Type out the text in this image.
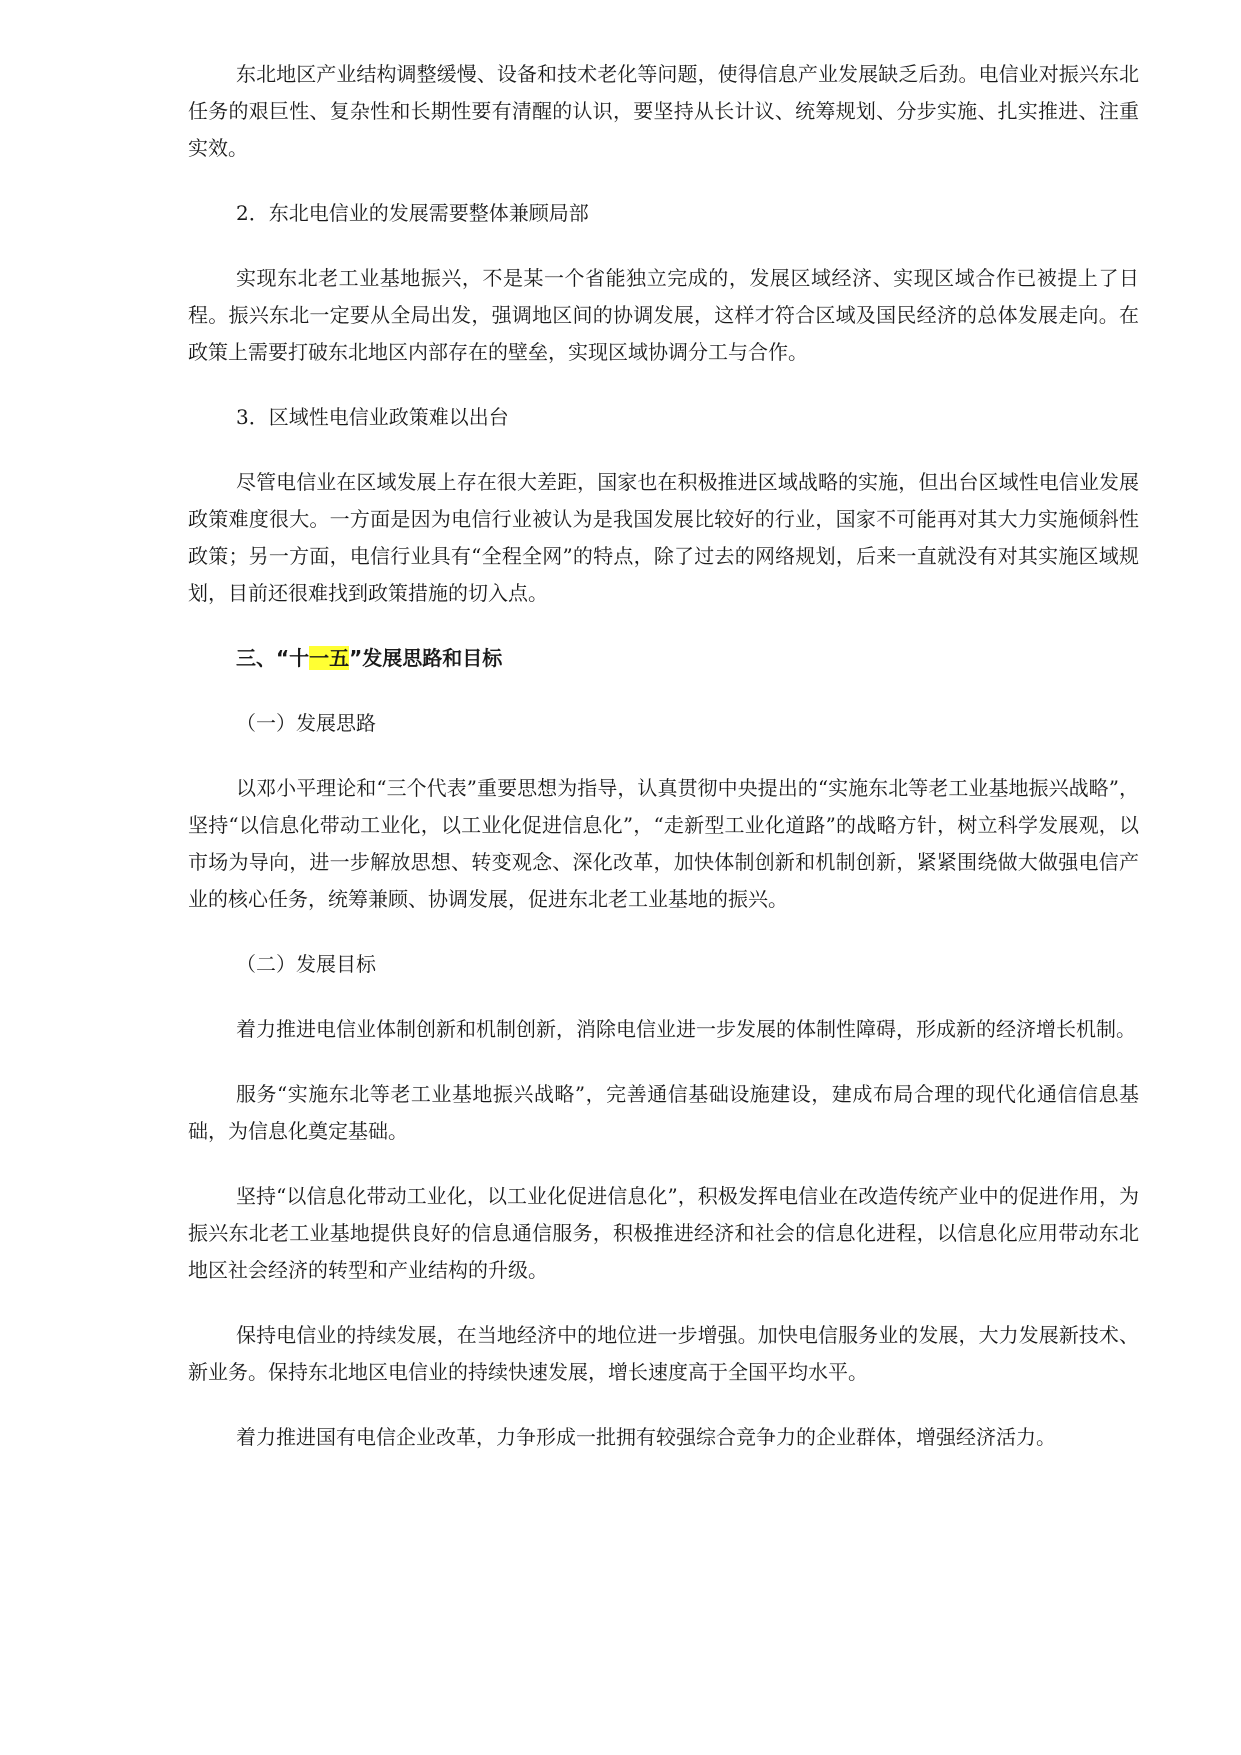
东北地区产业结构调整缓慢、设备和技术老化等问题，使得信息产业发展缺乏后劲。电信业对振兴东北任务的艰巨性、复杂性和长期性要有清醒的认识，要坚持从长计议、统筹规划、分步实施、扎实推进、注重实效。

2．东北电信业的发展需要整体兼顾局部

实现东北老工业基地振兴，不是某一个省能独立完成的，发展区域经济、实现区域合作已被提上了日程。振兴东北一定要从全局出发，强调地区间的协调发展，这样才符合区域及国民经济的总体发展走向。在政策上需要打破东北地区内部存在的壁垒，实现区域协调分工与合作。

3．区域性电信业政策难以出台

尽管电信业在区域发展上存在很大差距，国家也在积极推进区域战略的实施，但出台区域性电信业发展政策难度很大。一方面是因为电信行业被认为是我国发展比较好的行业，国家不可能再对其大力实施倾斜性政策；另一方面，电信行业具有“全程全网”的特点，除了过去的网络规划，后来一直就没有对其实施区域规划，目前还很难找到政策措施的切入点。

三、“十一五”发展思路和目标

（一）发展思路

以邓小平理论和“三个代表”重要思想为指导，认真贯彻中央提出的“实施东北等老工业基地振兴战略”，坚持“以信息化带动工业化，以工业化促进信息化”，“走新型工业化道路”的战略方针，树立科学发展观，以市场为导向，进一步解放思想、转变观念、深化改革，加快体制创新和机制创新，紧紧围绕做大做强电信产业的核心任务，统筹兼顾、协调发展，促进东北老工业基地的振兴。

（二）发展目标

着力推进电信业体制创新和机制创新，消除电信业进一步发展的体制性障碍，形成新的经济增长机制。

服务“实施东北等老工业基地振兴战略”，完善通信基础设施建设，建成布局合理的现代化通信信息基础，为信息化奠定基础。

坚持“以信息化带动工业化，以工业化促进信息化”，积极发挥电信业在改造传统产业中的促进作用，为振兴东北老工业基地提供良好的信息通信服务，积极推进经济和社会的信息化进程，以信息化应用带动东北地区社会经济的转型和产业结构的升级。

保持电信业的持续发展，在当地经济中的地位进一步增强。加快电信服务业的发展，大力发展新技术、新业务。保持东北地区电信业的持续快速发展，增长速度高于全国平均水平。

着力推进国有电信企业改革，力争形成一批拥有较强综合竞争力的企业群体，增强经济活力。
